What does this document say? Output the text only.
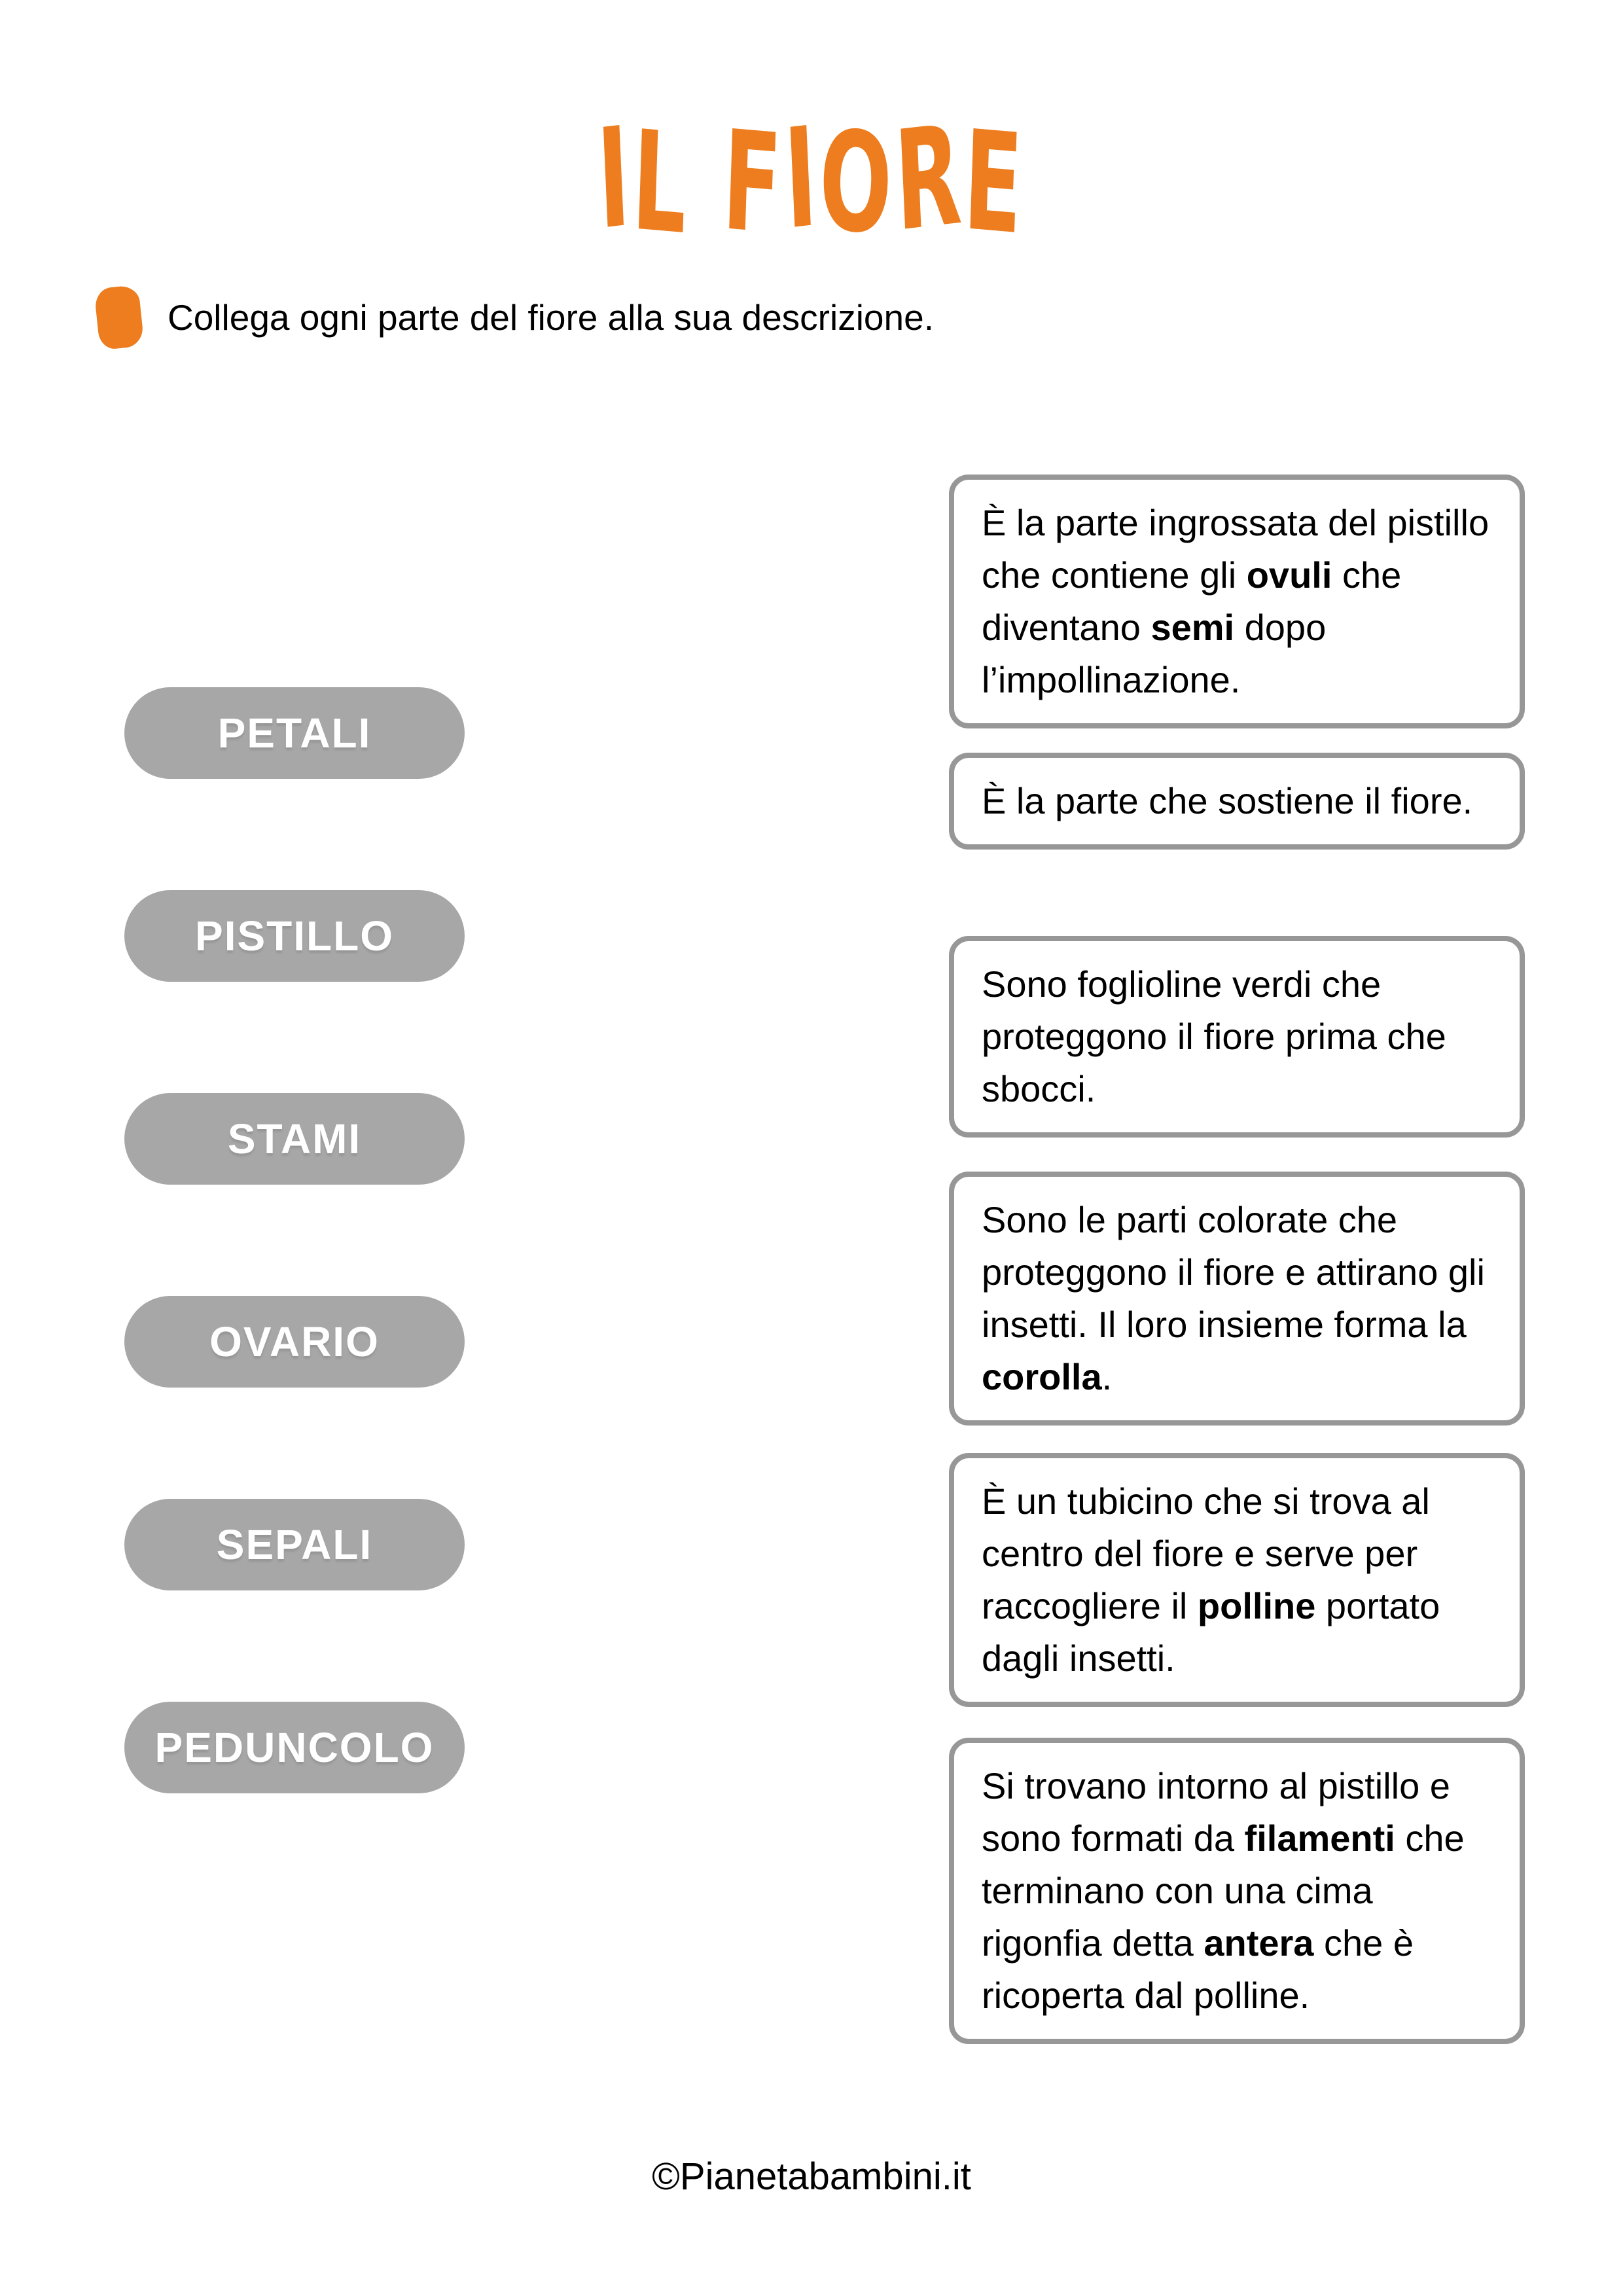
IL FIORE
Collega ogni parte del fiore alla sua descrizione.
PETALI
PISTILLO
STAMI
OVARIO
SEPALI
PEDUNCOLO
È la parte ingrossata del pistillo che contiene gli ovuli che diventano semi dopo l’impollinazione.
È la parte che sostiene il fiore.
Sono foglioline verdi che proteggono il fiore prima che sbocci.
Sono le parti colorate che proteggono il fiore e attirano gli insetti. Il loro insieme forma la corolla.
È un tubicino che si trova al centro del fiore e serve per raccogliere il polline portato dagli insetti.
Si trovano intorno al pistillo e sono formati da filamenti che terminano con una cima rigonfia detta antera che è ricoperta dal polline.
©Pianetabambini.it
